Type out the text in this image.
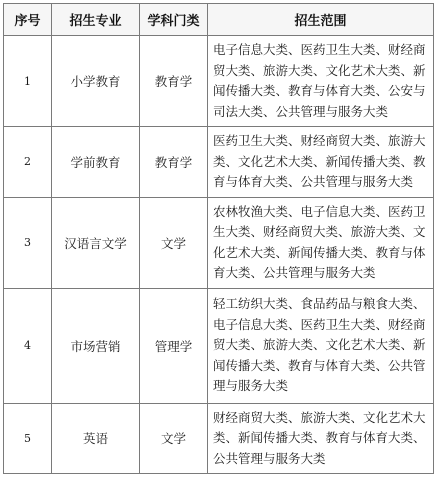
序号	招生专业	学科门类	招生范围
1	小学教育	教育学	电子信息大类、医药卫生大类、财经商贸大类、旅游大类、文化艺术大类、新闻传播大类、教育与体育大类、公安与司法大类、公共管理与服务大类

2	学前教育	教育学	医药卫生大类、财经商贸大类、旅游大类、文化艺术大类、新闻传播大类、教育与体育大类、公共管理与服务大类

3	汉语言文学	文学	农林牧渔大类、电子信息大类、医药卫生大类、财经商贸大类、旅游大类、文化艺术大类、新闻传播大类、教育与体育大类、公共管理与服务大类

4	市场营销	管理学	轻工纺织大类、食品药品与粮食大类、电子信息大类、医药卫生大类、财经商贸大类、旅游大类、文化艺术大类、新闻传播大类、教育与体育大类、公共管理与服务大类

5	英语	文学	财经商贸大类、旅游大类、文化艺术大类、新闻传播大类、教育与体育大类、公共管理与服务大类
